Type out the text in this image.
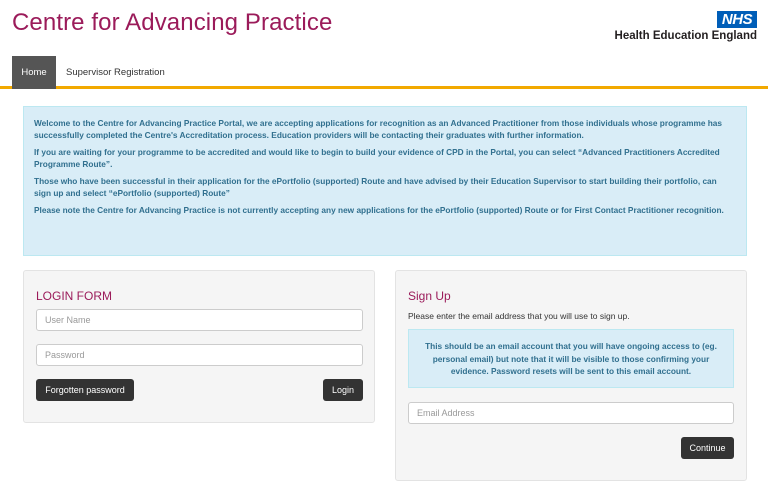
Centre for Advancing Practice	NHS
Health Education England
Home	Supervisor Registration

Welcome to the Centre for Advancing Practice Portal, we are accepting applications for recognition as an Advanced Practitioner from those individuals whose programme has successfully completed the Centre's Accreditation process. Education providers will be contacting their graduates with further information.

If you are waiting for your programme to be accredited and would like to begin to build your evidence of CPD in the Portal, you can select “Advanced Practitioners Accredited Programme Route”.

Those who have been successful in their application for the ePortfolio (supported) Route and have advised by their Education Supervisor to start building their portfolio, can sign up and select “ePortfolio (supported) Route”

Please note the Centre for Advancing Practice is not currently accepting any new applications for the ePortfolio (supported) Route or for First Contact Practitioner recognition.

LOGIN FORM
User Name
Forgotten password	Login
Sign Up
Please enter the email address that you will use to sign up.
This should be an email account that you will have ongoing access to (eg. personal email) but note that it will be visible to those confirming your evidence. Password resets will be sent to this email account.
Email Address
Continue
